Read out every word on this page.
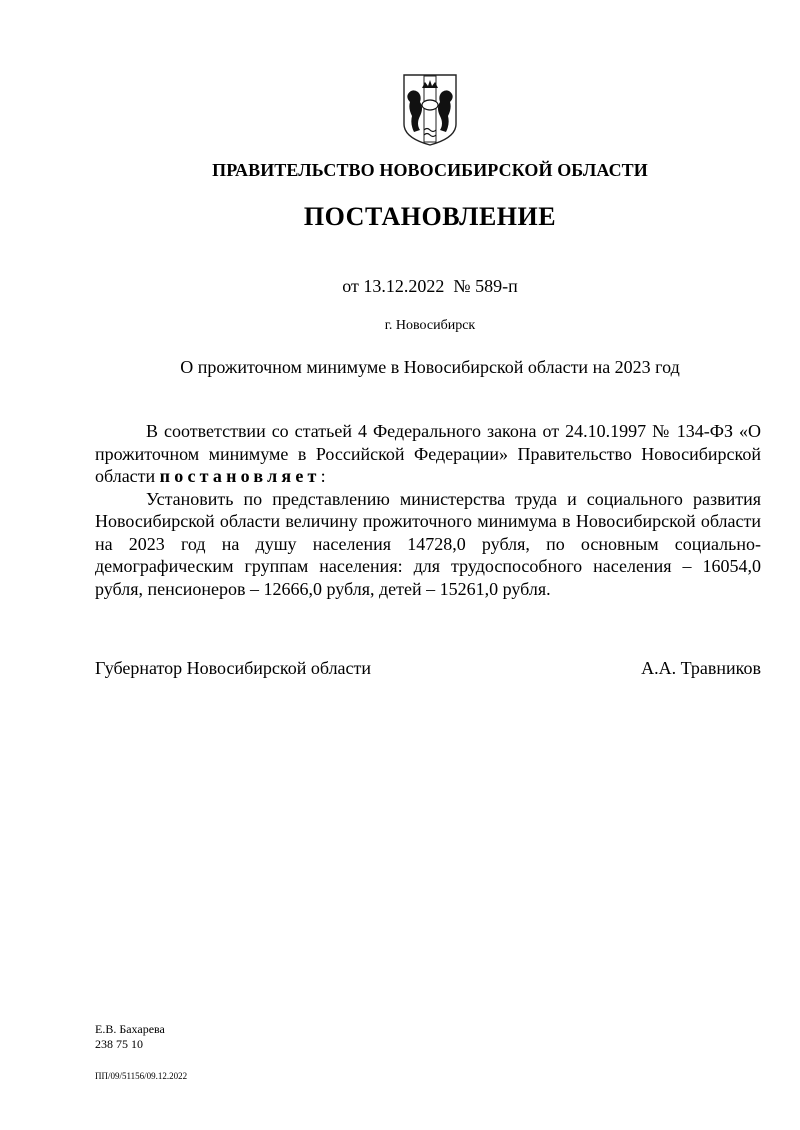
ПРАВИТЕЛЬСТВО НОВОСИБИРСКОЙ ОБЛАСТИ
ПОСТАНОВЛЕНИЕ
от 13.12.2022  № 589-п
г. Новосибирск
О прожиточном минимуме в Новосибирской области на 2023 год

В соответствии со статьей 4 Федерального закона от 24.10.1997 № 134-ФЗ «О прожиточном минимуме в Российской Федерации» Правительство Новосибирской области постановляет:

Установить по представлению министерства труда и социального развития Новосибирской области величину прожиточного минимума в Новосибирской области на 2023 год на душу населения 14728,0 рубля, по основным социально-демографическим группам населения: для трудоспособного населения – 16054,0 рубля, пенсионеров – 12666,0 рубля, детей – 15261,0 рубля.

Губернатор Новосибирской области	А.А. Травников
Е.В. Бахарева
238 75 10
ПП/09/51156/09.12.2022
